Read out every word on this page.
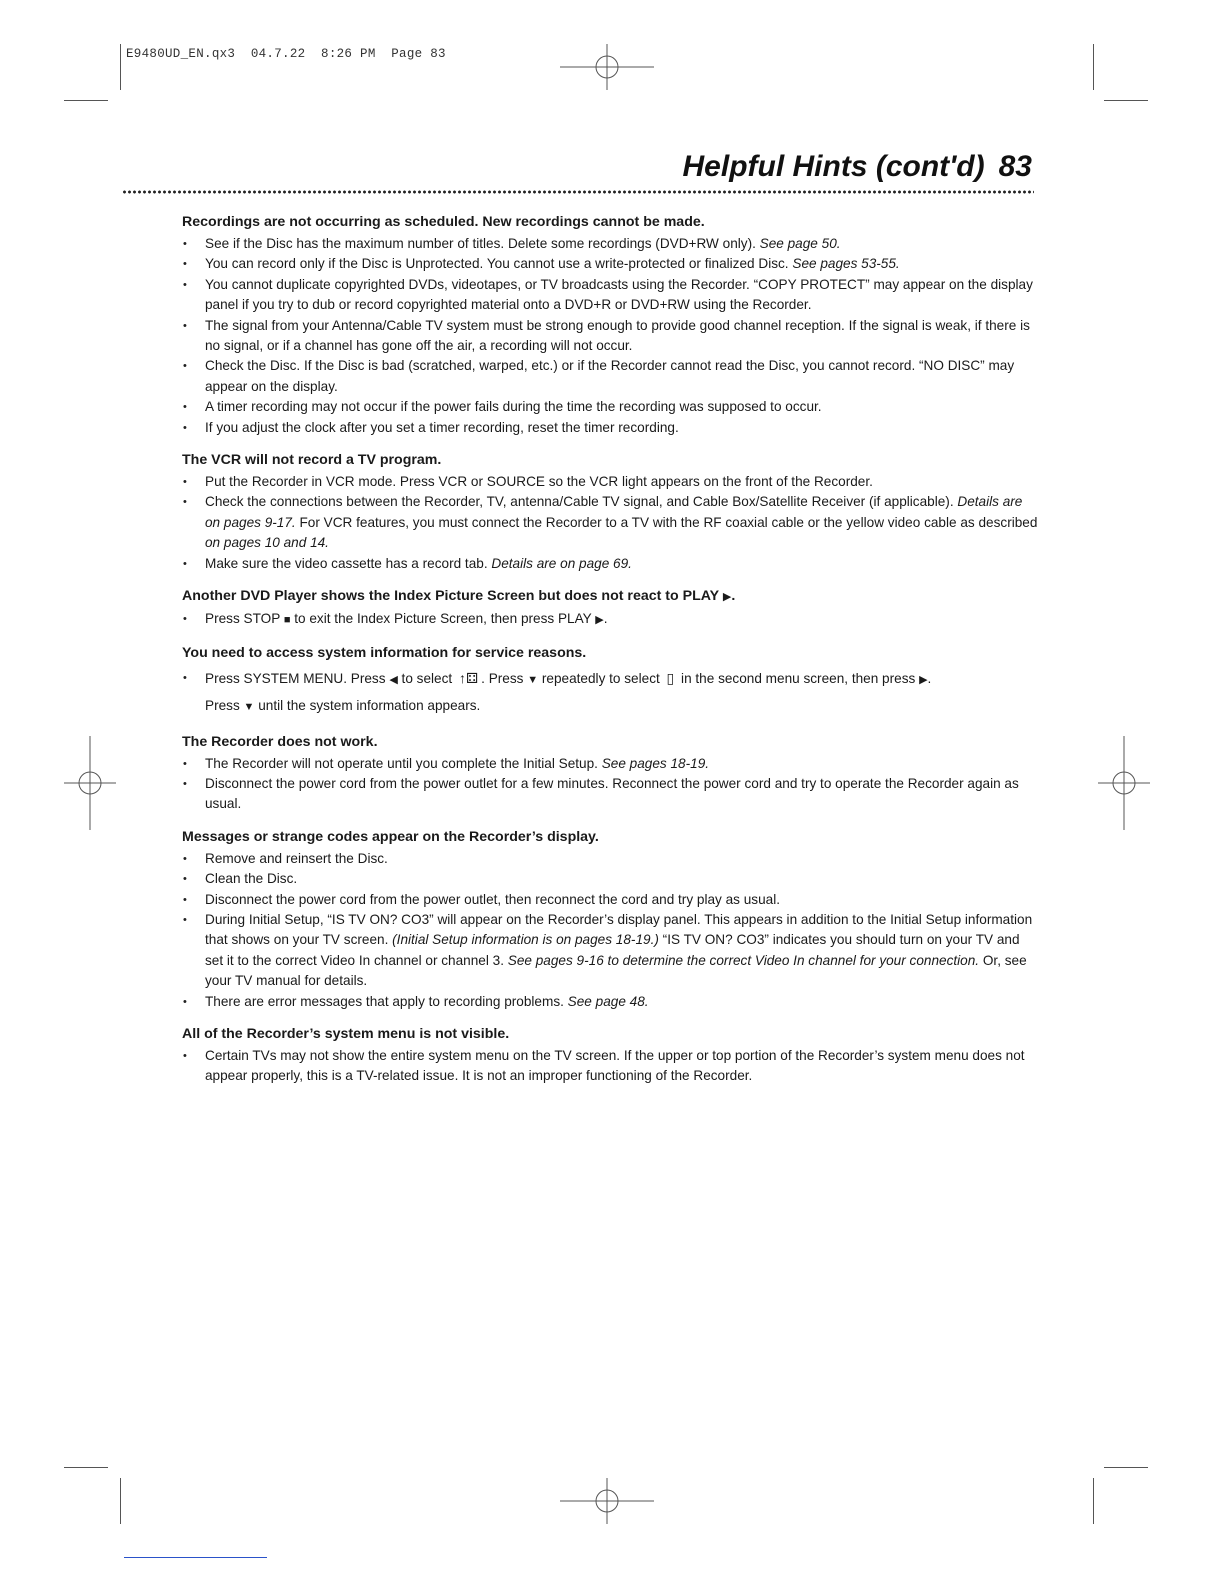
E9480UD_EN.qx3  04.7.22  8:26 PM  Page 83
Helpful Hints (cont'd) 83
Recordings are not occurring as scheduled. New recordings cannot be made.
• See if the Disc has the maximum number of titles. Delete some recordings (DVD+RW only). See page 50.
• You can record only if the Disc is Unprotected. You cannot use a write-protected or finalized Disc. See pages 53-55.
• You cannot duplicate copyrighted DVDs, videotapes, or TV broadcasts using the Recorder. “COPY PROTECT” may appear on the display panel if you try to dub or record copyrighted material onto a DVD+R or DVD+RW using the Recorder.
• The signal from your Antenna/Cable TV system must be strong enough to provide good channel reception. If the signal is weak, if there is no signal, or if a channel has gone off the air, a recording will not occur.
• Check the Disc. If the Disc is bad (scratched, warped, etc.) or if the Recorder cannot read the Disc, you cannot record. “NO DISC” may appear on the display.
• A timer recording may not occur if the power fails during the time the recording was supposed to occur.
• If you adjust the clock after you set a timer recording, reset the timer recording.
The VCR will not record a TV program.
• Put the Recorder in VCR mode. Press VCR or SOURCE so the VCR light appears on the front of the Recorder.
• Check the connections between the Recorder, TV, antenna/Cable TV signal, and Cable Box/Satellite Receiver (if applicable). Details are on pages 9-17. For VCR features, you must connect the Recorder to a TV with the RF coaxial cable or the yellow video cable as described on pages 10 and 14.
• Make sure the video cassette has a record tab. Details are on page 69.
Another DVD Player shows the Index Picture Screen but does not react to PLAY ▶.
• Press STOP ■ to exit the Index Picture Screen, then press PLAY ▶.
You need to access system information for service reasons.
• Press SYSTEM MENU. Press ◀ to select ↑⚃ . Press ▼ repeatedly to select ▯ in the second menu screen, then press ▶.
Press ▼ until the system information appears.
The Recorder does not work.
• The Recorder will not operate until you complete the Initial Setup. See pages 18-19.
• Disconnect the power cord from the power outlet for a few minutes. Reconnect the power cord and try to operate the Recorder again as usual.
Messages or strange codes appear on the Recorder’s display.
• Remove and reinsert the Disc.
• Clean the Disc.
• Disconnect the power cord from the power outlet, then reconnect the cord and try play as usual.
• During Initial Setup, “IS TV ON? CO3” will appear on the Recorder’s display panel. This appears in addition to the Initial Setup information that shows on your TV screen. (Initial Setup information is on pages 18-19.) “IS TV ON? CO3” indicates you should turn on your TV and set it to the correct Video In channel or channel 3. See pages 9-16 to determine the correct Video In channel for your connection. Or, see your TV manual for details.
• There are error messages that apply to recording problems. See page 48.
All of the Recorder’s system menu is not visible.
• Certain TVs may not show the entire system menu on the TV screen. If the upper or top portion of the Recorder’s system menu does not appear properly, this is a TV-related issue. It is not an improper functioning of the Recorder.
